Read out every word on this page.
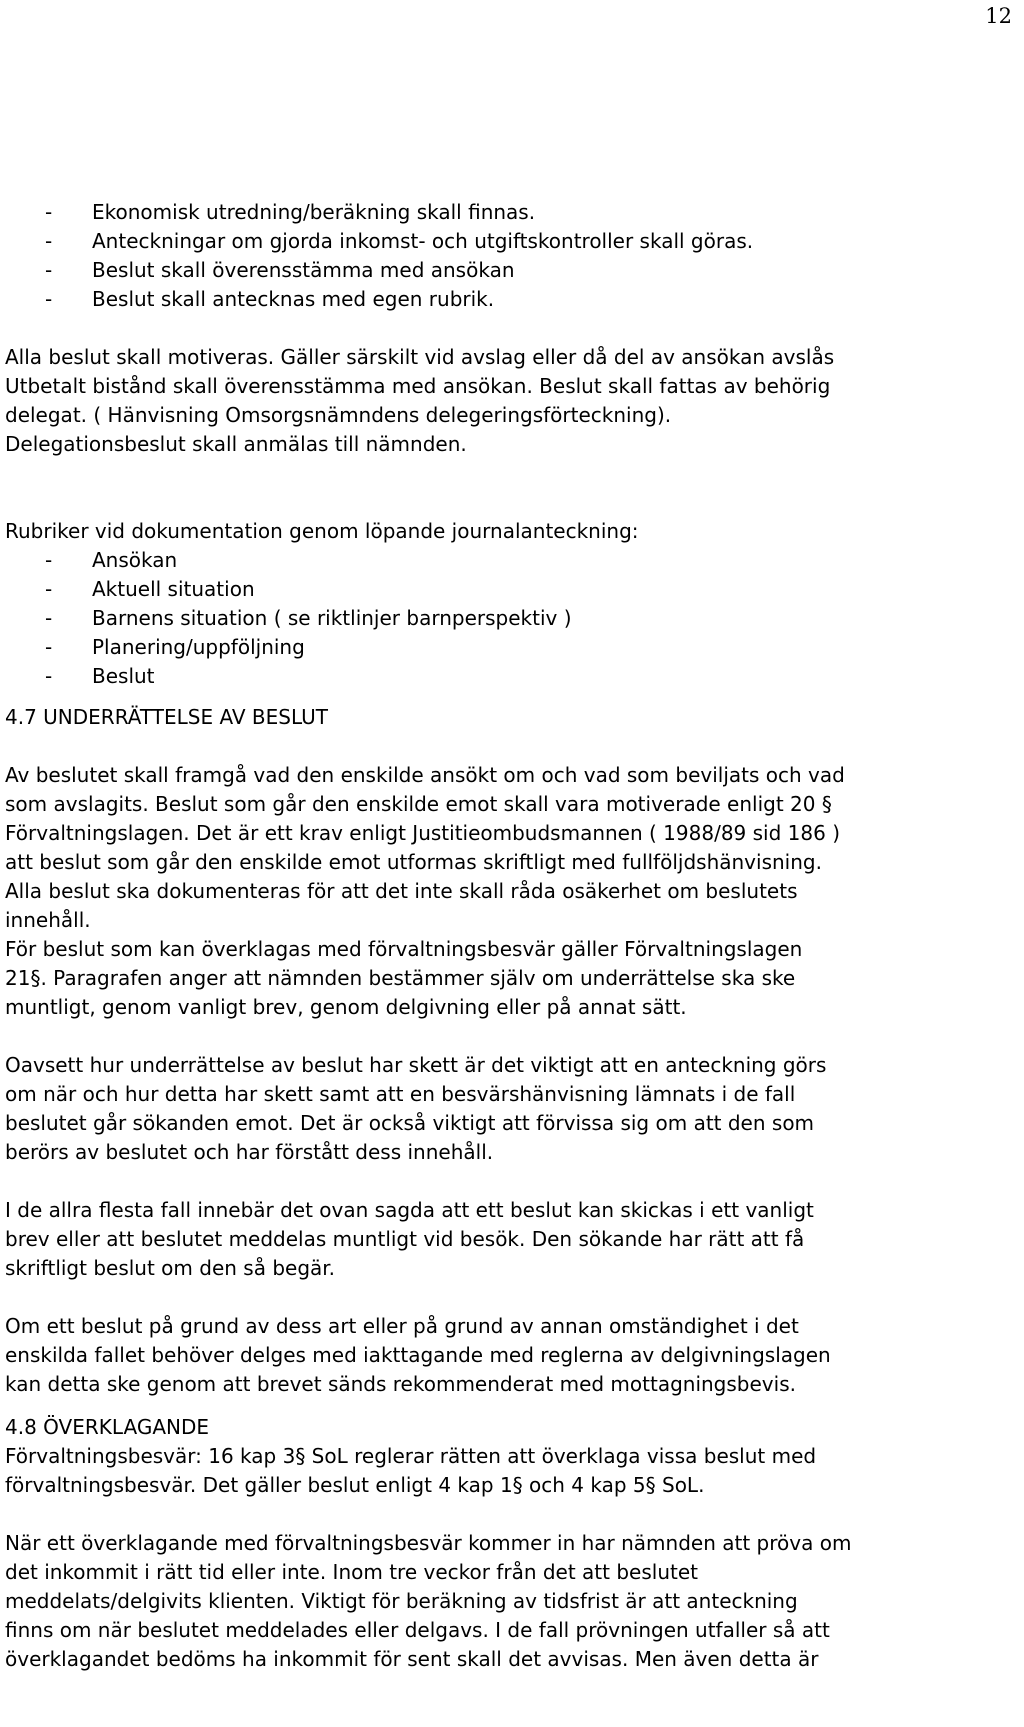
12
- Ekonomisk utredning/beräkning skall finnas.
- Anteckningar om gjorda inkomst- och utgiftskontroller skall göras.
- Beslut skall överensstämma med ansökan
- Beslut skall antecknas med egen rubrik.
Alla beslut skall motiveras. Gäller särskilt vid avslag eller då del av ansökan avslås
Utbetalt bistånd skall överensstämma med ansökan. Beslut skall fattas av behörig
delegat. ( Hänvisning Omsorgsnämndens delegeringsförteckning).
Delegationsbeslut skall anmälas till nämnden.
Rubriker vid dokumentation genom löpande journalanteckning:
- Ansökan
- Aktuell situation
- Barnens situation ( se riktlinjer barnperspektiv )
- Planering/uppföljning
- Beslut
4.7 UNDERRÄTTELSE AV BESLUT
Av beslutet skall framgå vad den enskilde ansökt om och vad som beviljats och vad
som avslagits. Beslut som går den enskilde emot skall vara motiverade enligt 20 §
Förvaltningslagen. Det är ett krav enligt Justitieombudsmannen ( 1988/89 sid 186 )
att beslut som går den enskilde emot utformas skriftligt med fullföljdshänvisning.
Alla beslut ska dokumenteras för att det inte skall råda osäkerhet om beslutets
innehåll.
För beslut som kan överklagas med förvaltningsbesvär gäller Förvaltningslagen
21§. Paragrafen anger att nämnden bestämmer själv om underrättelse ska ske
muntligt, genom vanligt brev, genom delgivning eller på annat sätt.
Oavsett hur underrättelse av beslut har skett är det viktigt att en anteckning görs
om när och hur detta har skett samt att en besvärshänvisning lämnats i de fall
beslutet går sökanden emot. Det är också viktigt att förvissa sig om att den som
berörs av beslutet och har förstått dess innehåll.
I de allra flesta fall innebär det ovan sagda att ett beslut kan skickas i ett vanligt
brev eller att beslutet meddelas muntligt vid besök. Den sökande har rätt att få
skriftligt beslut om den så begär.
Om ett beslut på grund av dess art eller på grund av annan omständighet i det
enskilda fallet behöver delges med iakttagande med reglerna av delgivningslagen
kan detta ske genom att brevet sänds rekommenderat med mottagningsbevis.
4.8 ÖVERKLAGANDE
Förvaltningsbesvär: 16 kap 3§ SoL reglerar rätten att överklaga vissa beslut med
förvaltningsbesvär. Det gäller beslut enligt 4 kap 1§ och 4 kap 5§ SoL.
När ett överklagande med förvaltningsbesvär kommer in har nämnden att pröva om
det inkommit i rätt tid eller inte. Inom tre veckor från det att beslutet
meddelats/delgivits klienten. Viktigt för beräkning av tidsfrist är att anteckning
finns om när beslutet meddelades eller delgavs. I de fall prövningen utfaller så att
överklagandet bedöms ha inkommit för sent skall det avvisas. Men även detta är
